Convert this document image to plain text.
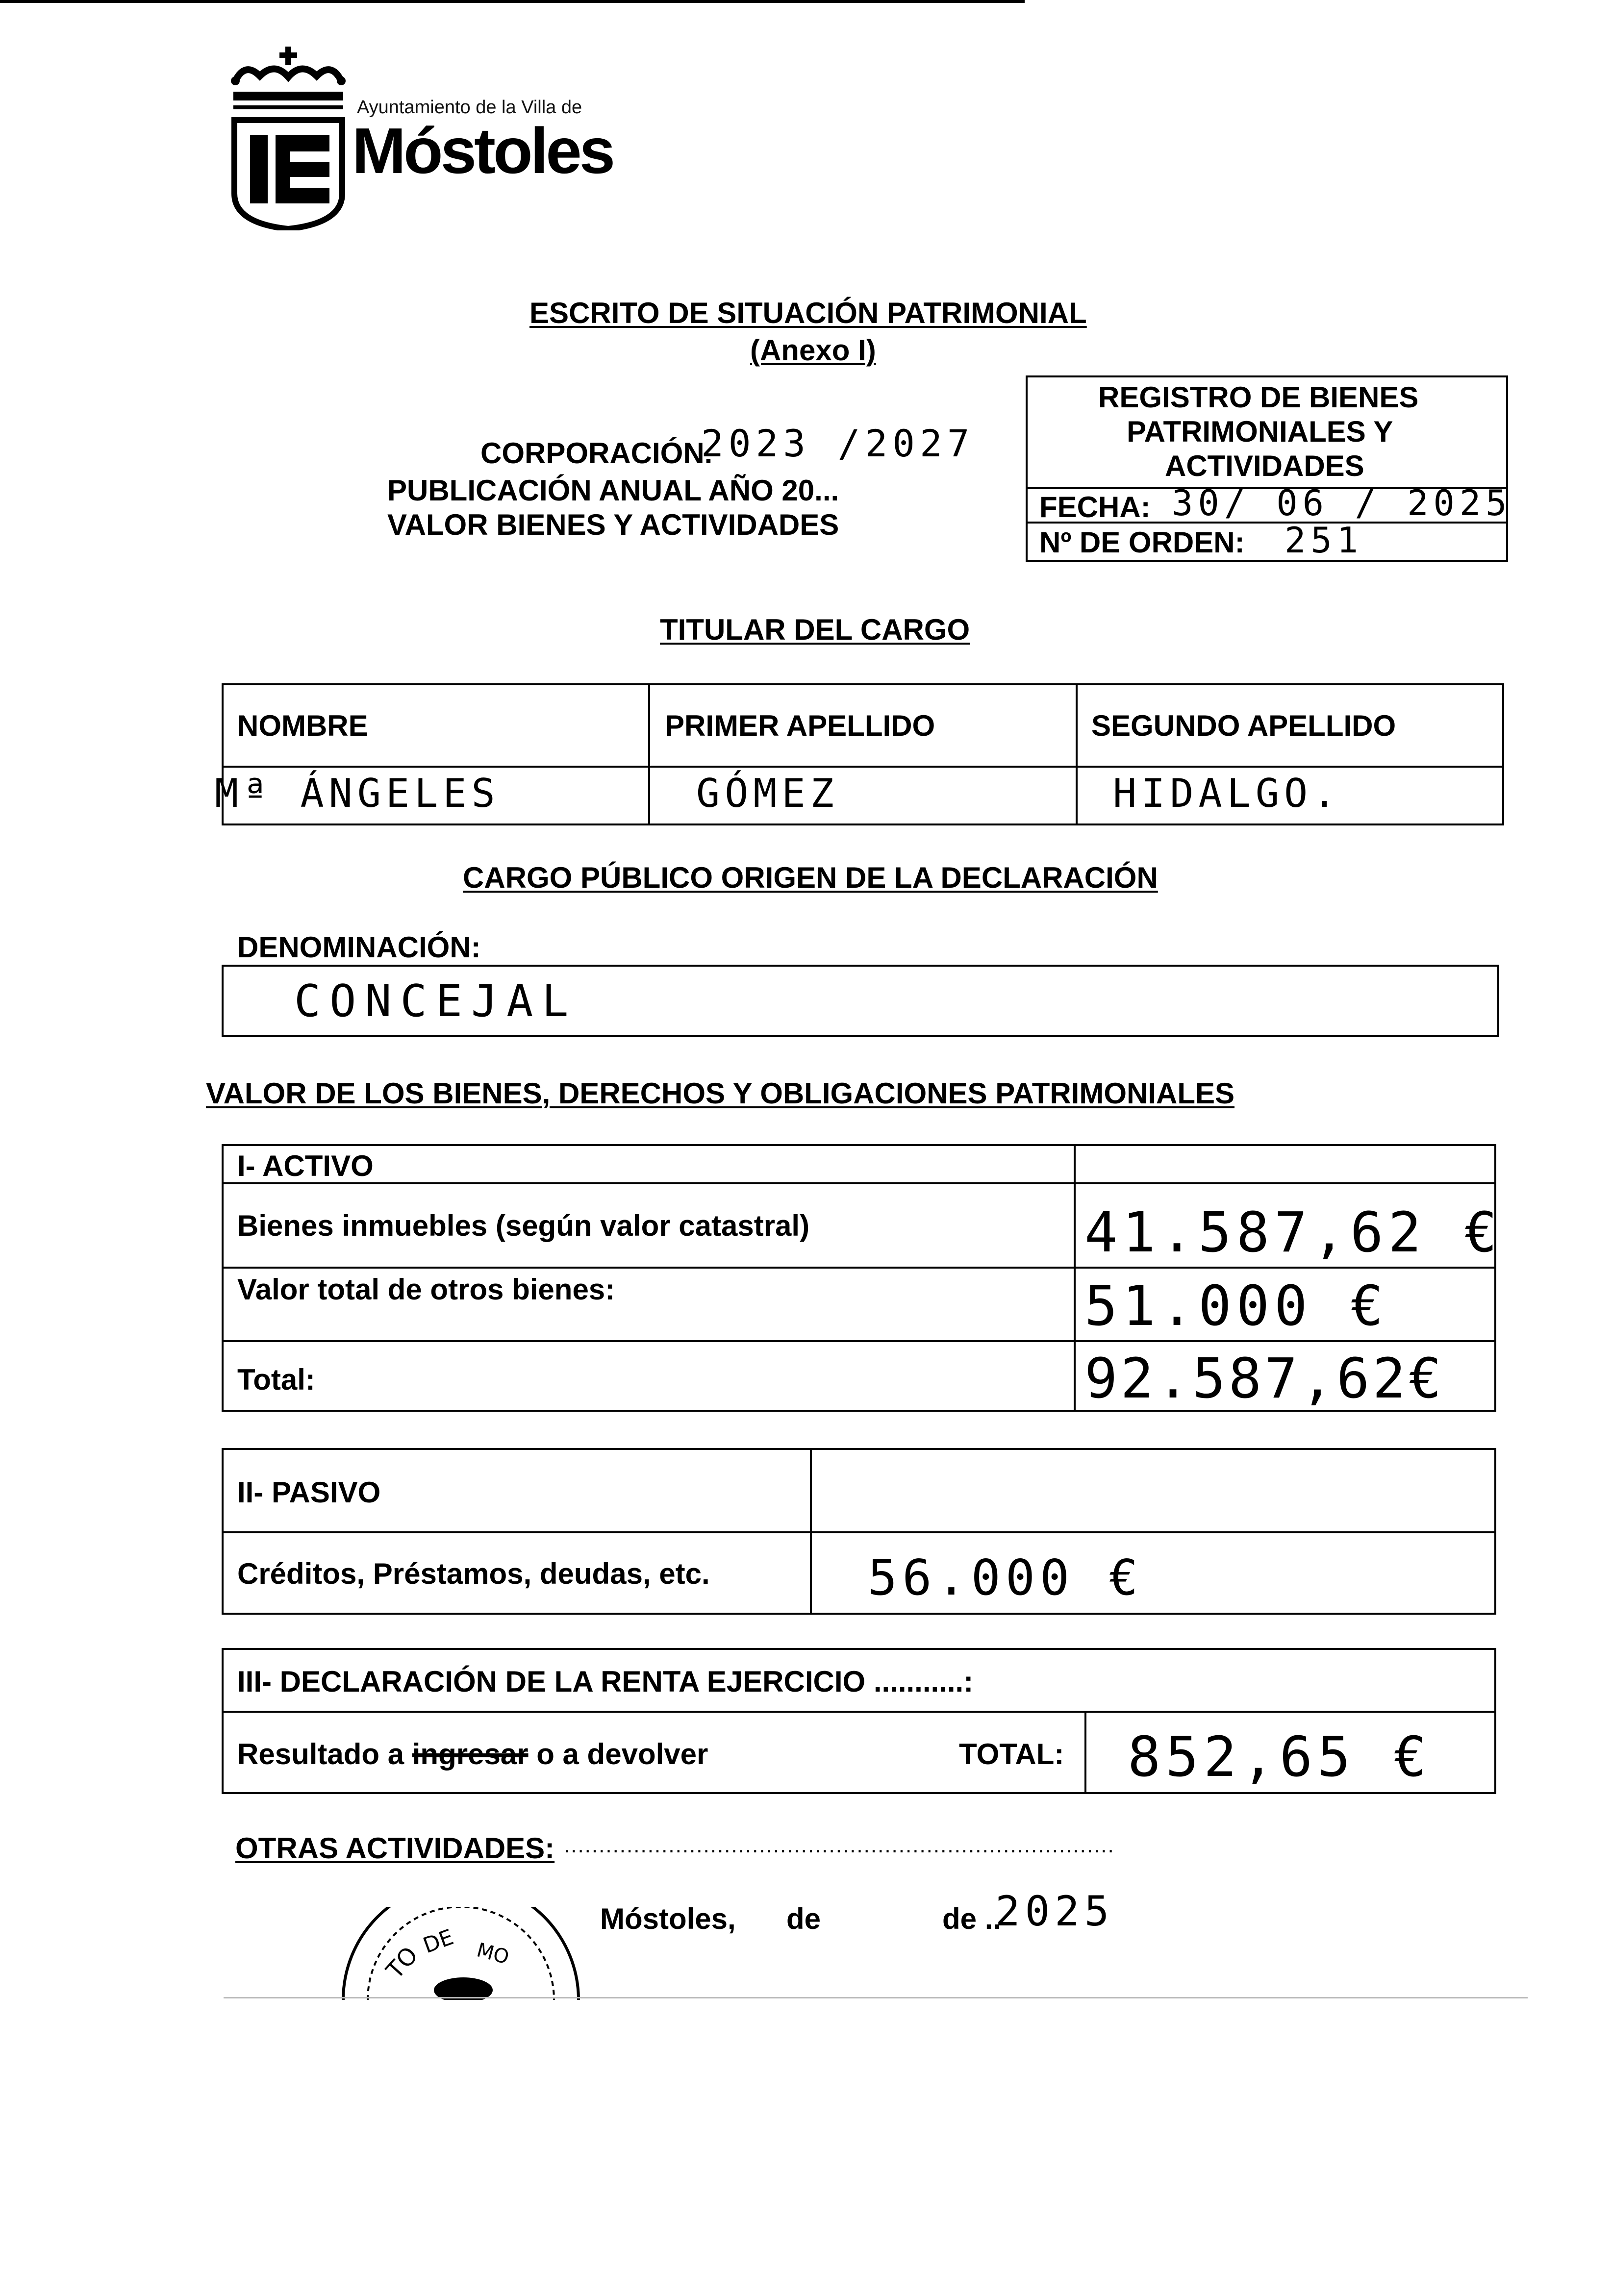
Ayuntamiento de la Villa de
Móstoles
ESCRITO DE SITUACIÓN PATRIMONIAL
(Anexo I)
CORPORACIÓN.
2023 /2027
PUBLICACIÓN ANUAL AÑO 20...
VALOR BIENES Y ACTIVIDADES
REGISTRO DE BIENES
PATRIMONIALES Y
ACTIVIDADES
FECHA: 30/ 06 / 2025
Nº DE ORDEN: 251
TITULAR DEL CARGO
NOMBRE	PRIMER APELLIDO	SEGUNDO APELLIDO
Mª ÁNGELES	GÓMEZ	HIDALGO.
CARGO PÚBLICO ORIGEN DE LA DECLARACIÓN
DENOMINACIÓN:
CONCEJAL
VALOR DE LOS BIENES, DERECHOS Y OBLIGACIONES PATRIMONIALES
I- ACTIVO
Bienes inmuebles (según valor catastral)	41.587,62 €
Valor total de otros bienes:	51.000 €
Total:	92.587,62€
II- PASIVO
Créditos, Préstamos, deudas, etc.	56.000 €
III- DECLARACIÓN DE LA RENTA EJERCICIO ...........:
Resultado a ingresar o a devolver	TOTAL: 852,65 €
OTRAS ACTIVIDADES: ...............................................................................
Móstoles, de	de ..
2025
TO
DE MO
